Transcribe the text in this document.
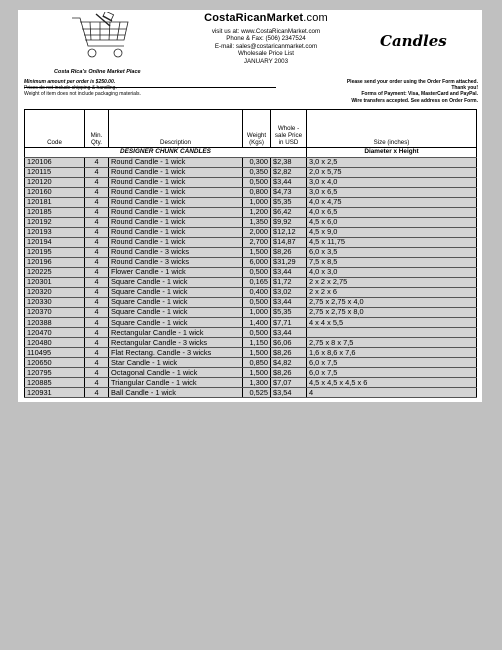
Costa Rica's Online Market Place
CostaRicanMarket.com
visit us at: www.CostaRicanMarket.com
Phone & Fax: (506) 2347524
E-mail: sales@costaricanmarket.com
Wholesale Price List
JANUARY 2003
Candles
Minimum amount per order is $250.00.
Prices do not include shipping & handling.
Weight of item does not include packaging materials.
Please send your order using the Order Form attached.
Thank you!
Forms of Payment: Visa, MasterCard and PayPal.
Wire transfers accepted. See address on Order Form.
Code	Min. Qty.	Description	Weight (Kgs)	Whole - sale Price in USD	Size (inches)
DESIGNER CHUNK CANDLES					Diameter x Height
120106	4	Round Candle - 1 wick	0,300	$2,38	3,0 x 2,5
120115	4	Round Candle - 1 wick	0,350	$2,82	2,0 x 5,75
120120	4	Round Candle - 1 wick	0,500	$3,44	3,0 x 4,0
120160	4	Round Candle - 1 wick	0,800	$4,73	3,0 x 6,5
120181	4	Round Candle - 1 wick	1,000	$5,35	4,0 x 4,75
120185	4	Round Candle - 1 wick	1,200	$6,42	4,0 x 6,5
120192	4	Round Candle - 1 wick	1,350	$9,92	4,5 x 6,0
120193	4	Round Candle - 1 wick	2,000	$12,12	4,5 x 9,0
120194	4	Round Candle - 1 wick	2,700	$14,87	4,5 x 11,75
120195	4	Round Candle - 3 wicks	1,500	$8,26	6,0 x 3,5
120196	4	Round Candle - 3 wicks	6,000	$31,29	7,5 x 8,5
120225	4	Flower Candle - 1 wick	0,500	$3,44	4,0 x 3,0
120301	4	Square Candle - 1 wick	0,165	$1,72	2 x 2 x 2,75
120320	4	Square Candle - 1 wick	0,400	$3,02	2 x 2 x 6
120330	4	Square Candle - 1 wick	0,500	$3,44	2,75 x 2,75 x 4,0
120370	4	Square Candle - 1 wick	1,000	$5,35	2,75 x 2,75 x 8,0
120388	4	Square Candle - 1 wick	1,400	$7,71	4 x 4 x 5,5
120470	4	Rectangular Candle - 1 wick	0,500	$3,44	
120480	4	Rectangular Candle - 3 wicks	1,150	$6,06	2,75 x 8 x 7,5
110495	4	Flat Rectang. Candle - 3 wicks	1,500	$8,26	1,6 x 8,6 x 7,6
120650	4	Star Candle - 1 wick	0,850	$4,82	6,0 x 7,5
120795	4	Octagonal Candle - 1 wick	1,500	$8,26	6,0 x 7,5
120885	4	Triangular Candle - 1 wick	1,300	$7,07	4,5 x 4,5 x 4,5 x 6
120931	4	Ball Candle - 1 wick	0,525	$3,54	4
